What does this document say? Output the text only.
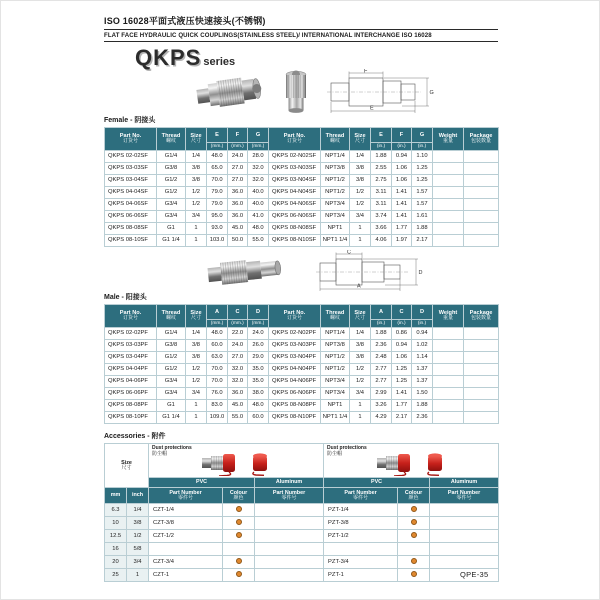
ISO 16028平面式液压快速接头(不锈钢)
FLAT FACE HYDRAULIC QUICK COUPLINGS(STAINLESS STEEL)/ INTERNATIONAL INTERCHANGE ISO 16028
QKPS series
F
G
E
Female - 阴接头
Part No.
订货号	Thread
螺纹	Size
尺寸	E	F	G	Part No.
订货号	Thread
螺纹	Size
尺寸	E	F	G	Weight
重量	Package
包装数量

			(mm.)	(mm.)	(mm.)				(in.)	(in.)	(in.)		
QKPS 02-02SF	G1/4	1/4	48.0	24.0	28.0	QKPS 02-N02SF	NPT1/4	1/4	1.88	0.94	1.10		
QKPS 03-03SF	G3/8	3/8	65.0	27.0	32.0	QKPS 03-N03SF	NPT3/8	3/8	2.55	1.06	1.25		
QKPS 03-04SF	G1/2	3/8	70.0	27.0	32.0	QKPS 03-N04SF	NPT1/2	3/8	2.75	1.06	1.25		
QKPS 04-04SF	G1/2	1/2	79.0	36.0	40.0	QKPS 04-N04SF	NPT1/2	1/2	3.11	1.41	1.57		
QKPS 04-06SF	G3/4	1/2	79.0	36.0	40.0	QKPS 04-N06SF	NPT3/4	1/2	3.11	1.41	1.57		
QKPS 06-06SF	G3/4	3/4	95.0	36.0	41.0	QKPS 06-N06SF	NPT3/4	3/4	3.74	1.41	1.61		
QKPS 08-08SF	G1	1	93.0	45.0	48.0	QKPS 08-N08SF	NPT1	1	3.66	1.77	1.88		
QKPS 08-10SF	G1 1/4	1	103.0	50.0	55.0	QKPS 08-N10SF	NPT1 1/4	1	4.06	1.97	2.17		
C
D
A
Male - 阳接头
Part No.
订货号	Thread
螺纹	Size
尺寸	A	C	D	Part No.
订货号	Thread
螺纹	Size
尺寸	A	C	D	Weight
重量	Package
包装数量

			(mm.)	(mm.)	(mm.)				(in.)	(in.)	(in.)		
QKPS 02-02PF	G1/4	1/4	48.0	22.0	24.0	QKPS 02-N02PF	NPT1/4	1/4	1.88	0.86	0.94		
QKPS 03-03PF	G3/8	3/8	60.0	24.0	26.0	QKPS 03-N03PF	NPT3/8	3/8	2.36	0.94	1.02		
QKPS 03-04PF	G1/2	3/8	63.0	27.0	29.0	QKPS 03-N04PF	NPT1/2	3/8	2.48	1.06	1.14		
QKPS 04-04PF	G1/2	1/2	70.0	32.0	35.0	QKPS 04-N04PF	NPT1/2	1/2	2.77	1.25	1.37		
QKPS 04-06PF	G3/4	1/2	70.0	32.0	35.0	QKPS 04-N06PF	NPT3/4	1/2	2.77	1.25	1.37		
QKPS 06-06PF	G3/4	3/4	76.0	36.0	38.0	QKPS 06-N06PF	NPT3/4	3/4	2.99	1.41	1.50		
QKPS 08-08PF	G1	1	83.0	45.0	48.0	QKPS 08-N08PF	NPT1	1	3.26	1.77	1.88		
QKPS 08-10PF	G1 1/4	1	109.0	55.0	60.0	QKPS 08-N10PF	NPT1 1/4	1	4.29	2.17	2.36		
Accessories - 附件
Size
尺寸		Dust protections
防尘帽			Dust protections
防尘帽		

		PVC		Aluminum	PVC		Aluminum
mm	inch	Part Number
零件号	Colour
颜色	Part Number
零件号	Part Number
零件号	Colour
颜色	Part Number
零件号

6.3	1/4	CZT-1/4			PZT-1/4		
10	3/8	CZT-3/8			PZT-3/8		
12.5	1/2	CZT-1/2			PZT-1/2		
16	5/8						
20	3/4	CZT-3/4			PZT-3/4		
25	1	CZT-1			PZT-1			QPE-35
